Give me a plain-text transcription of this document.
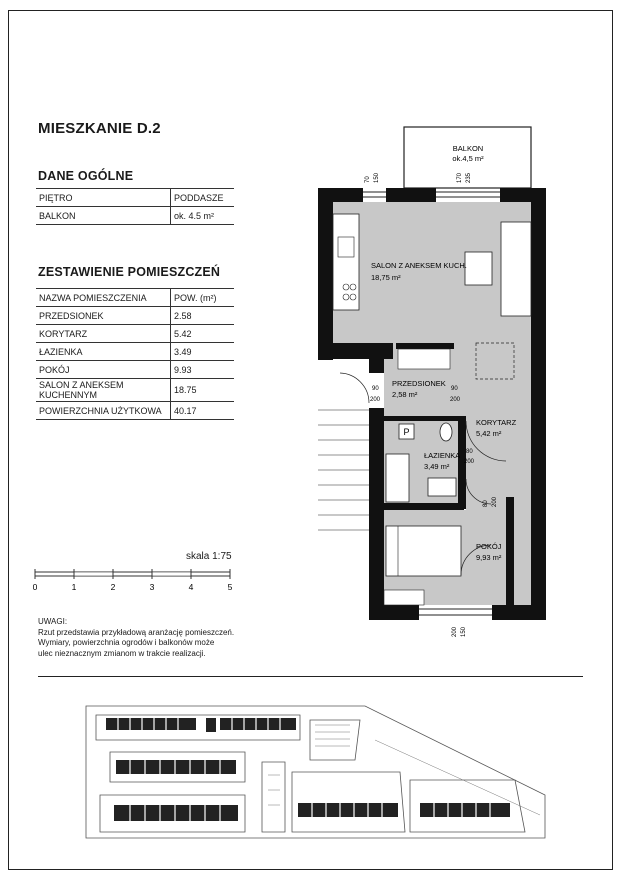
MIESZKANIE D.2
DANE OGÓLNE
PIĘTRO	PODDASZE
BALKON	ok. 4.5 m²
ZESTAWIENIE POMIESZCZEŃ
NAZWA POMIESZCZENIA	POW. (m²)
PRZEDSIONEK	2.58
KORYTARZ	5.42
ŁAZIENKA	3.49
POKÓJ	9.93
SALON Z ANEKSEM KUCHENNYM	18.75
POWIERZCHNIA UŻYTKOWA	40.17
skala 1:75
0	1	2	3	4	5
UWAGI:
Rzut przedstawia przykładową aranżację pomieszczeń.
Wymiary, powierzchnia ogrodów i balkonów może
ulec nieznacznym zmianom w trakcie realizacji.
P
BALKON
ok.4,5 m²
SALON Z ANEKSEM KUCH.
18,75 m²
PRZEDSIONEK
2,58 m²
KORYTARZ
5,42 m²
ŁAZIENKA
3,49 m²
POKÓJ
9,93 m²
70 150	170 235
90
200
90
200
80
200
80 200
200 150
